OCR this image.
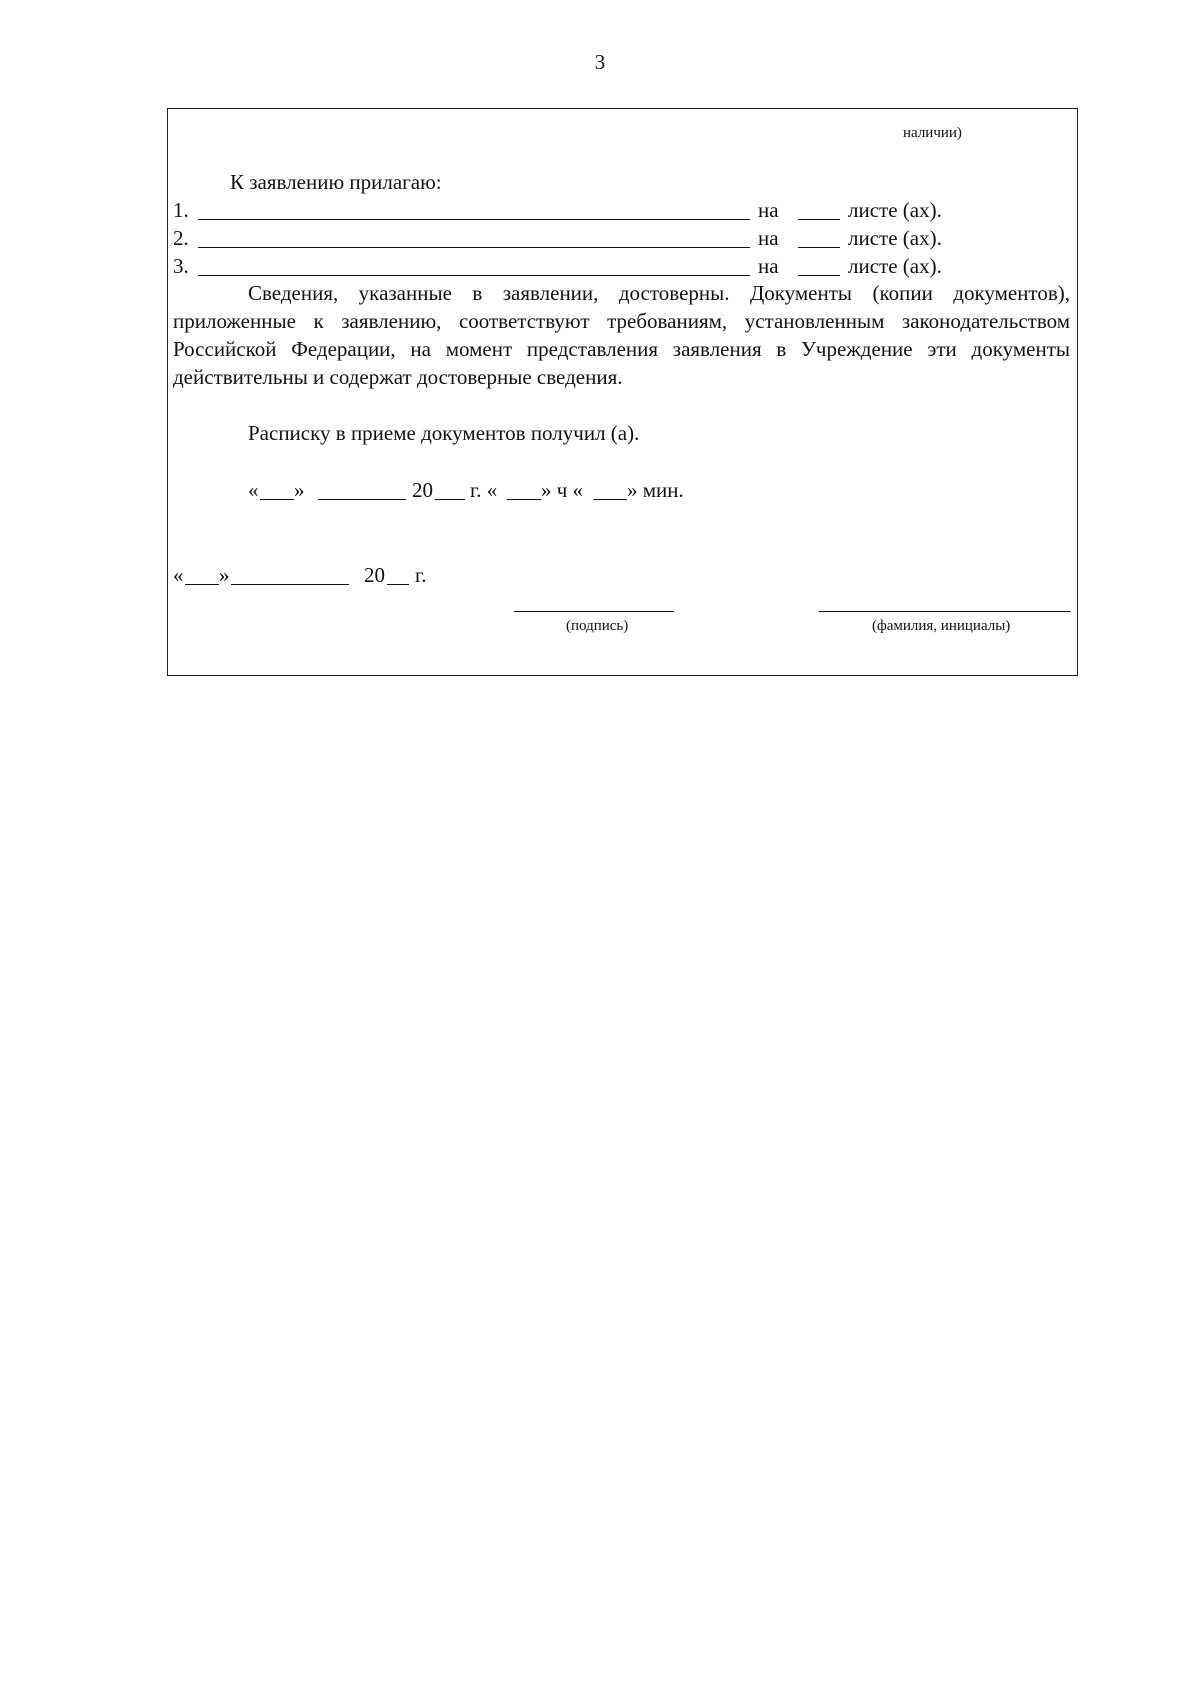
3
наличии)
К заявлению прилагаю:
1.	на	листе (ах).
2.	на	листе (ах).
3.	на	листе (ах).
Сведения, указанные в заявлении, достоверны. Документы (копии документов), приложенные к заявлению, соответствуют требованиям, установленным законодательством Российской Федерации, на момент представления заявления в Учреждение эти документы действительны и содержат достоверные сведения.
Расписку в приеме документов получил (а).
« »	20 г. « » ч « » мин.
« »	20 г.
(подпись)	(фамилия, инициалы)
